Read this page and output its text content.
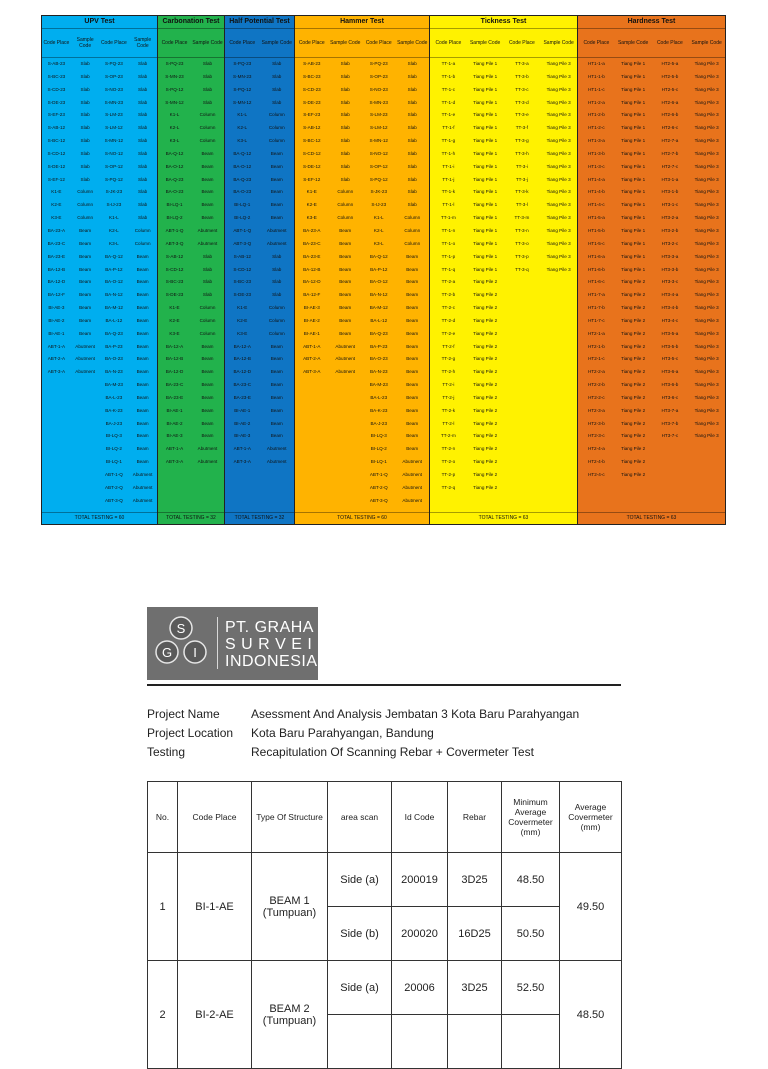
UPV Test
Code Place	Sample Code	Code Place	Sample Code
S-AB-23	Slab	S-PQ-23	Slab
S-BC-23	Slab	S-OP-23	Slab
S-CD-23	Slab	S-NO-23	Slab
S-DE-23	Slab	S-MN-23	Slab
S-EF-23	Slab	S-LM-23	Slab
S-AB-12	Slab	S-LM-12	Slab
S-BC-12	Slab	S-MN-12	Slab
S-CD-12	Slab	S-NO-12	Slab
S-DE-12	Slab	S-OP-12	Slab
S-EF-12	Slab	S-PQ-12	Slab
K1-E	Column	S-JK-23	Slab
K2-E	Column	S-IJ-23	Slab
K3-E	Column	K1-L	Slab
BA-23-A	Beam	K2-L	Column
BA-23-C	Beam	K3-L	Column
BA-23-E	Beam	BA-Q-12	Beam
BA-12-B	Beam	BA-P-12	Beam
BA-12-D	Beam	BA-O-12	Beam
BA-12-F	Beam	BA-N-12	Beam
BI-AE-3	Beam	BA-M-12	Beam
BI-AE-2	Beam	BA-L-12	Beam
BI-AE-1	Beam	BA-Q-23	Beam
ABT-1-A	Abutment	BA-P-23	Beam
ABT-2-A	Abutment	BA-O-23	Beam
ABT-3-A	Abutment	BA-N-23	Beam
BA-M-23	Beam
BA-L-23	Beam
BA-K-23	Beam
BA-J-23	Beam
BI-LQ-3	Beam
BI-LQ-2	Beam
BI-LQ-1	Beam
ABT-1-Q	Abutment
ABT-2-Q	Abutment
ABT-3-Q	Abutment
TOTAL TESTING = 60
Carbonation Test
Code Place Sample Code
S-PQ-23	Slab
S-MN-23	Slab
S-PQ-12	Slab
S-MN-12	Slab
K1-L	Column
K2-L	Column
K3-L	Column
BA-Q-12	Beam
BA-O-12	Beam
BA-Q-23	Beam
BA-O-23	Beam
BI-LQ-1	Beam
BI-LQ-2	Beam
ABT-1-Q	Abutment
ABT-3-Q	Abutment
S-AB-12	Slab
S-CD-12	Slab
S-BC-23	Slab
S-DE-23	Slab
K1-E	Column
K2-E	Column
K3-E	Column
BA-12-A	Beam
BA-12-B	Beam
BA-12-D	Beam
BA-23-C	Beam
BA-23-E	Beam
BI-AE-1	Beam
BI-AE-2	Beam
BI-AE-3	Beam
ABT-1-A	Abutment
ABT-3-A	Abutment
TOTAL TESTING = 32
Half Potential Test
Code Place	Sample Code
S-PQ-23	Slab
S-MN-23	Slab
S-PQ-12	Slab
S-MN-12	Slab
K1-L	Column
K2-L	Column
K3-L	Column
BA-Q-12	Beam
BA-O-12	Beam
BA-Q-23	Beam
BA-O-23	Beam
BI-LQ-1	Beam
BI-LQ-2	Beam
ABT-1-Q	Abutment
ABT-3-Q	Abutment
S-AB-12	Slab
S-CD-12	Slab
S-BC-23	Slab
S-DE-23	Slab
K1-E	Column
K2-E	Column
K3-E	Column
BA-12-A	Beam
BA-12-B	Beam
BA-12-D	Beam
BA-23-C	Beam
BA-23-E	Beam
BI-AE-1	Beam
BI-AE-2	Beam
BI-AE-3	Beam
ABT-1-A	Abutment
ABT-3-A	Abutment
TOTAL TESTING = 32
Hammer Test
Code Place	Sample Code	Code Place	Sample Code
S-AB-23	Slab	S-PQ-23	Slab
S-BC-23	Slab	S-OP-23	Slab
S-CD-23	Slab	S-NO-23	Slab
S-DE-23	Slab	S-MN-23	Slab
S-EF-23	Slab	S-LM-23	Slab
S-AB-12	Slab	S-LM-12	Slab
S-BC-12	Slab	S-MN-12	Slab
S-CD-12	Slab	S-NO-12	Slab
S-DE-12	Slab	S-OP-12	Slab
S-EF-12	Slab	S-PQ-12	Slab
K1-E	Column	S-JK-23	Slab
K2-E	Column	S-IJ-23	Slab
K3-E	Column	K1-L	Column
BA-23-A	Beam	K2-L	Column
BA-23-C	Beam	K3-L	Column
BA-23-E	Beam	BA-Q-12	Beam
BA-12-B	Beam	BA-P-12	Beam
BA-12-D	Beam	BA-O-12	Beam
BA-12-F	Beam	BA-N-12	Beam
BI-AE-3	Beam	BA-M-12	Beam
BI-AE-2	Beam	BA-L-12	Beam
BI-AE-1	Beam	BA-Q-23	Beam
ABT-1-A	Abutment	BA-P-23	Beam
ABT-2-A	Abutment	BA-O-23	Beam
ABT-3-A	Abutment	BA-N-23	Beam
BA-M-23	Beam
BA-L-23	Beam
BA-K-23	Beam
BA-J-23	Beam
BI-LQ-3	Beam
BI-LQ-2	Beam
BI-LQ-1	Abutment
ABT-1-Q	Abutment
ABT-2-Q	Abutment
ABT-3-Q	Abutment
TOTAL TESTING = 60
Tickness Test
Code Place	Sample Code	Code Place	Sample Code
TT-1-a	Tiang Pile 1	TT-3-a	Tiang Pile 3
TT-1-b	Tiang Pile 1	TT-3-b	Tiang Pile 3
TT-1-c	Tiang Pile 1	TT-3-c	Tiang Pile 3
TT-1-d	Tiang Pile 1	TT-3-d	Tiang Pile 3
TT-1-e	Tiang Pile 1	TT-3-e	Tiang Pile 3
TT-1-f	Tiang Pile 1	TT-3-f	Tiang Pile 3
TT-1-g	Tiang Pile 1	TT-3-g	Tiang Pile 3
TT-1-h	Tiang Pile 1	TT-3-h	Tiang Pile 3
TT-1-i	Tiang Pile 1	TT-3-i	Tiang Pile 3
TT-1-j	Tiang Pile 1	TT-3-j	Tiang Pile 3
TT-1-k	Tiang Pile 1	TT-3-k	Tiang Pile 3
TT-1-l	Tiang Pile 1	TT-3-l	Tiang Pile 3
TT-1-m	Tiang Pile 1	TT-3-m	Tiang Pile 3
TT-1-n	Tiang Pile 1	TT-3-n	Tiang Pile 3
TT-1-o	Tiang Pile 1	TT-3-o	Tiang Pile 3
TT-1-p	Tiang Pile 1	TT-3-p	Tiang Pile 3
TT-1-q	Tiang Pile 1	TT-3-q	Tiang Pile 3
TT-2-a	Tiang Pile 2
TT-2-b	Tiang Pile 2
TT-2-c	Tiang Pile 2
TT-2-d	Tiang Pile 2
TT-2-e	Tiang Pile 2
TT-2-f	Tiang Pile 2
TT-2-g	Tiang Pile 2
TT-2-h	Tiang Pile 2
TT-2-i	Tiang Pile 2
TT-2-j	Tiang Pile 2
TT-2-k	Tiang Pile 2
TT-2-l	Tiang Pile 2
TT-2-m	Tiang Pile 2
TT-2-n	Tiang Pile 2
TT-2-o	Tiang Pile 2
TT-2-p	Tiang Pile 2
TT-2-q	Tiang Pile 2
TOTAL TESTING = 63
Hardness Test
Code Place	Sample Code	Code Place	Sample Code
HT1-1-a	Tiang Pile 1	HT2-5-a	Tiang Pile 3
HT1-1-b	Tiang Pile 1	HT2-5-b	Tiang Pile 3
HT1-1-c	Tiang Pile 1	HT2-5-c	Tiang Pile 3
HT1-2-a	Tiang Pile 1	HT2-6-a	Tiang Pile 3
HT1-2-b	Tiang Pile 1	HT2-6-b	Tiang Pile 3
HT1-2-c	Tiang Pile 1	HT2-6-c	Tiang Pile 3
HT1-3-a	Tiang Pile 1	HT2-7-a	Tiang Pile 3
HT1-3-b	Tiang Pile 1	HT2-7-b	Tiang Pile 3
HT1-3-c	Tiang Pile 1	HT2-7-c	Tiang Pile 3
HT1-4-a	Tiang Pile 1	HT3-1-a	Tiang Pile 3
HT1-4-b	Tiang Pile 1	HT3-1-b	Tiang Pile 3
HT1-4-c	Tiang Pile 1	HT3-1-c	Tiang Pile 3
HT1-5-a	Tiang Pile 1	HT3-2-a	Tiang Pile 3
HT1-5-b	Tiang Pile 1	HT3-2-b	Tiang Pile 3
HT1-5-c	Tiang Pile 1	HT3-2-c	Tiang Pile 3
HT1-6-a	Tiang Pile 1	HT3-3-a	Tiang Pile 3
HT1-6-b	Tiang Pile 1	HT3-3-b	Tiang Pile 3
HT1-6-c	Tiang Pile 2	HT3-3-c	Tiang Pile 3
HT1-7-a	Tiang Pile 2	HT3-4-a	Tiang Pile 3
HT1-7-b	Tiang Pile 2	HT3-4-b	Tiang Pile 3
HT1-7-c	Tiang Pile 2	HT3-4-c	Tiang Pile 3
HT2-1-a	Tiang Pile 2	HT3-5-a	Tiang Pile 3
HT2-1-b	Tiang Pile 2	HT3-5-b	Tiang Pile 3
HT2-1-c	Tiang Pile 2	HT3-5-c	Tiang Pile 3
HT2-2-a	Tiang Pile 2	HT3-6-a	Tiang Pile 3
HT2-2-b	Tiang Pile 2	HT3-6-b	Tiang Pile 3
HT2-2-c	Tiang Pile 2	HT3-6-c	Tiang Pile 3
HT2-3-a	Tiang Pile 2	HT3-7-a	Tiang Pile 3
HT2-3-b	Tiang Pile 2	HT3-7-b	Tiang Pile 3
HT2-3-c	Tiang Pile 2	HT3-7-c	Tiang Pile 3
HT2-4-a	Tiang Pile 2
HT2-4-b	Tiang Pile 2
HT2-4-c	Tiang Pile 2
TOTAL TESTING = 63
G
S
I
PT. GRAHA
S U R V E I
INDONESIA
Project Name	Asessment And Analysis Jembatan 3 Kota Baru Parahyangan
Project Location Kota Baru Parahyangan, Bandung
Testing	Recapitulation Of Scanning Rebar + Covermeter Test
No.	Code Place	Type Of Structure	area scan	Id Code	Rebar	Minimum Average Covermeter (mm)	Average Covermeter (mm)
1	BI-1-AE	BEAM 1 (Tumpuan)	Side (a)	200019	3D25	48.50	49.50
			Side (b)	200020	16D25	50.50	
2	BI-2-AE	BEAM 2 (Tumpuan)	Side (a)	20006	3D25	52.50	48.50
